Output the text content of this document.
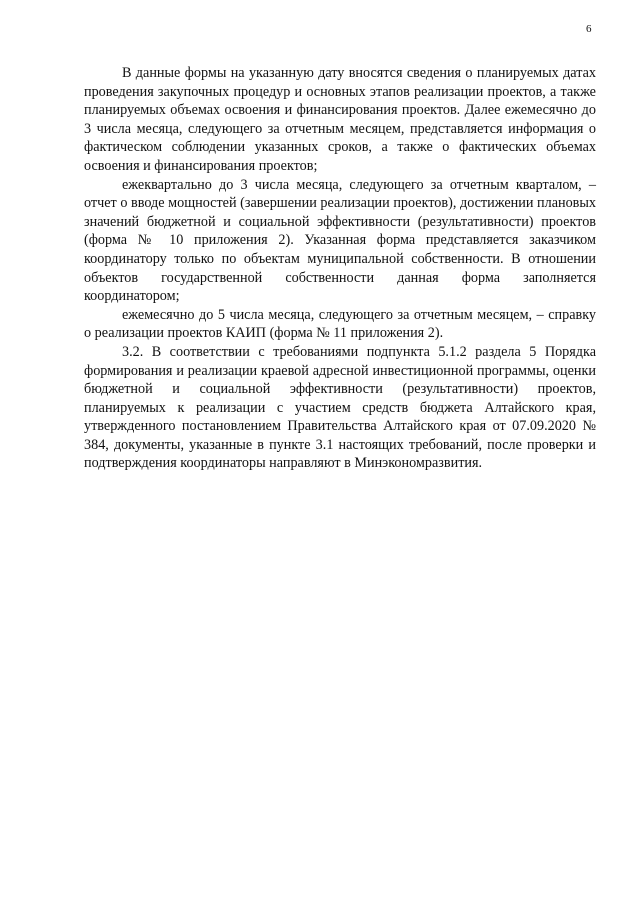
6

В данные формы на указанную дату вносятся сведения о планируемых датах проведения закупочных процедур и основных этапов реализации проектов, а также планируемых объемах освоения и финансирования проектов. Далее ежемесячно до 3 числа месяца, следующего за отчетным месяцем, представляется информация о фактическом соблюдении указанных сроков, а также о фактических объемах освоения и финансирования проектов;

ежеквартально до 3 числа месяца, следующего за отчетным кварталом, – отчет о вводе мощностей (завершении реализации проектов), достижении плановых значений бюджетной и социальной эффективности (результативности) проектов (форма № 10 приложения 2). Указанная форма представляется заказчиком координатору только по объектам муниципальной собственности. В отношении объектов государственной собственности данная форма заполняется координатором;

ежемесячно до 5 числа месяца, следующего за отчетным месяцем, – справку о реализации проектов КАИП (форма № 11 приложения 2).

3.2. В соответствии с требованиями подпункта 5.1.2 раздела 5 Порядка формирования и реализации краевой адресной инвестиционной программы, оценки бюджетной и социальной эффективности (результативности) проектов, планируемых к реализации с участием средств бюджета Алтайского края, утвержденного постановлением Правительства Алтайского края от 07.09.2020 № 384, документы, указанные в пункте 3.1 настоящих требований, после проверки и подтверждения координаторы направляют в Минэкономразвития.
